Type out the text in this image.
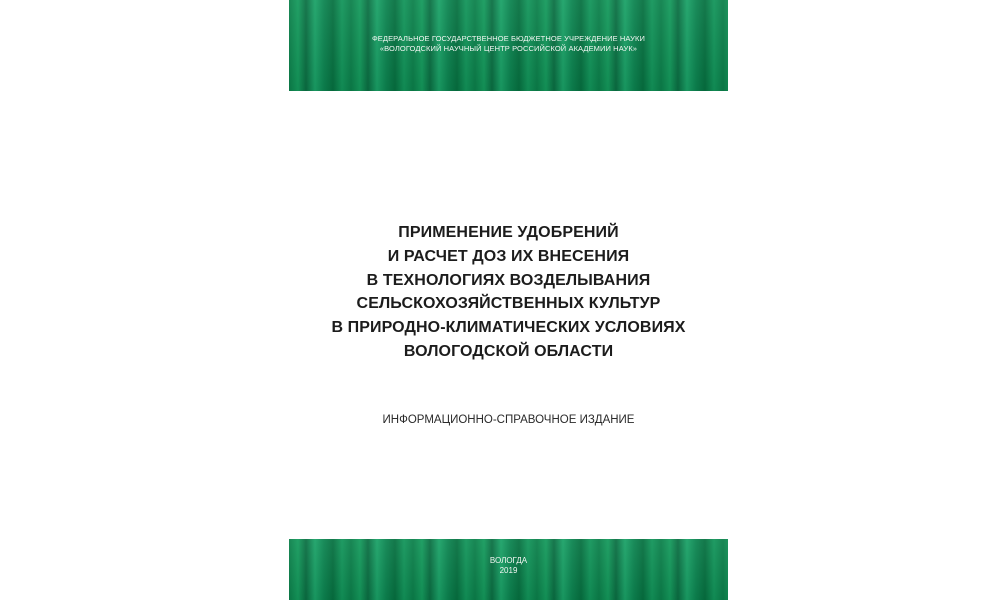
ФЕДЕРАЛЬНОЕ ГОСУДАРСТВЕННОЕ БЮДЖЕТНОЕ УЧРЕЖДЕНИЕ НАУКИ
«ВОЛОГОДСКИЙ НАУЧНЫЙ ЦЕНТР РОССИЙСКОЙ АКАДЕМИИ НАУК»
ПРИМЕНЕНИЕ УДОБРЕНИЙ
И РАСЧЕТ ДОЗ ИХ ВНЕСЕНИЯ
В ТЕХНОЛОГИЯХ ВОЗДЕЛЫВАНИЯ
СЕЛЬСКОХОЗЯЙСТВЕННЫХ КУЛЬТУР
В ПРИРОДНО-КЛИМАТИЧЕСКИХ УСЛОВИЯХ
ВОЛОГОДСКОЙ ОБЛАСТИ
ИНФОРМАЦИОННО-СПРАВОЧНОЕ ИЗДАНИЕ
ВОЛОГДА
2019
